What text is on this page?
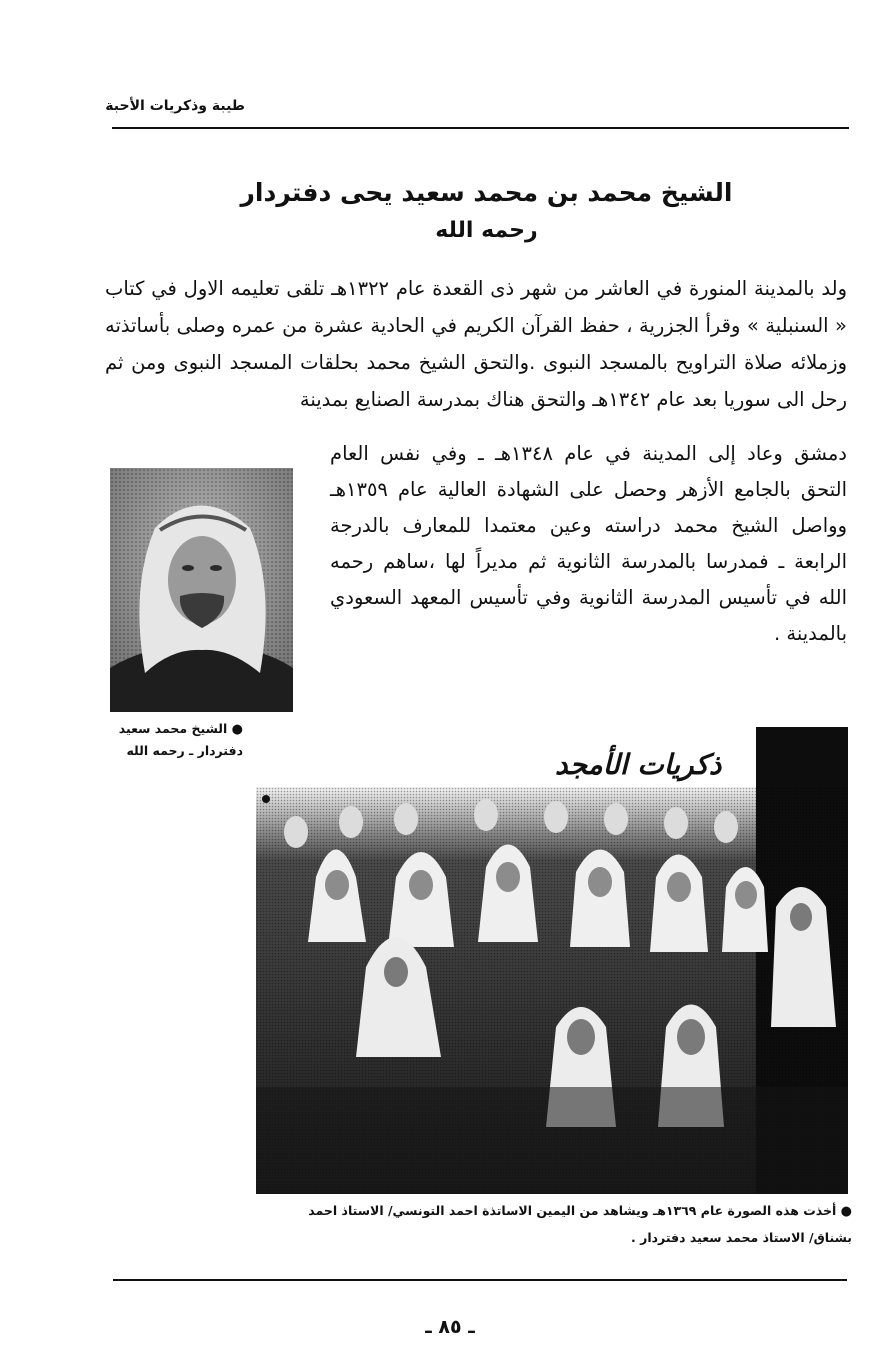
طيبة وذكريات الأحبة
الشيخ محمد بن محمد سعيد يحى دفتردار
رحمه الله

ولد بالمدينة المنورة في العاشر من شهر ذى القعدة عام ١٣٢٢هـ تلقى تعليمه الاول في كتاب « السنبلية » وقرأ الجزرية ، حفظ القرآن الكريم في الحادية عشرة من عمره وصلى بأساتذته وزملائه صلاة التراويح بالمسجد النبوى .والتحق الشيخ محمد بحلقات المسجد النبوى ومن ثم رحل الى سوريا بعد عام ١٣٤٢هـ والتحق هناك بمدرسة الصنايع بمدينة

دمشق وعاد إلى المدينة في عام ١٣٤٨هـ ـ وفي نفس العام التحق بالجامع الأزهر وحصل على الشهادة العالية عام ١٣٥٩هـ وواصل الشيخ محمد دراسته وعين معتمدا للمعارف بالدرجة الرابعة ـ فمدرسا بالمدرسة الثانوية ثم مديراً لها ،ساهم رحمه الله في تأسيس المدرسة الثانوية وفي تأسيس المعهد السعودي بالمدينة .

● الشيخ محمد سعيد
دفتردار ـ رحمه الله	ذكريات الأمجد
● أخذت هذه الصورة عام ١٣٦٩هـ ويشاهد من اليمين الاساتذة احمد التونسي/ الاستاذ احمد
بشناق/ الاستاذ محمد سعيد دفتردار .
ـ ٨٥ ـ
